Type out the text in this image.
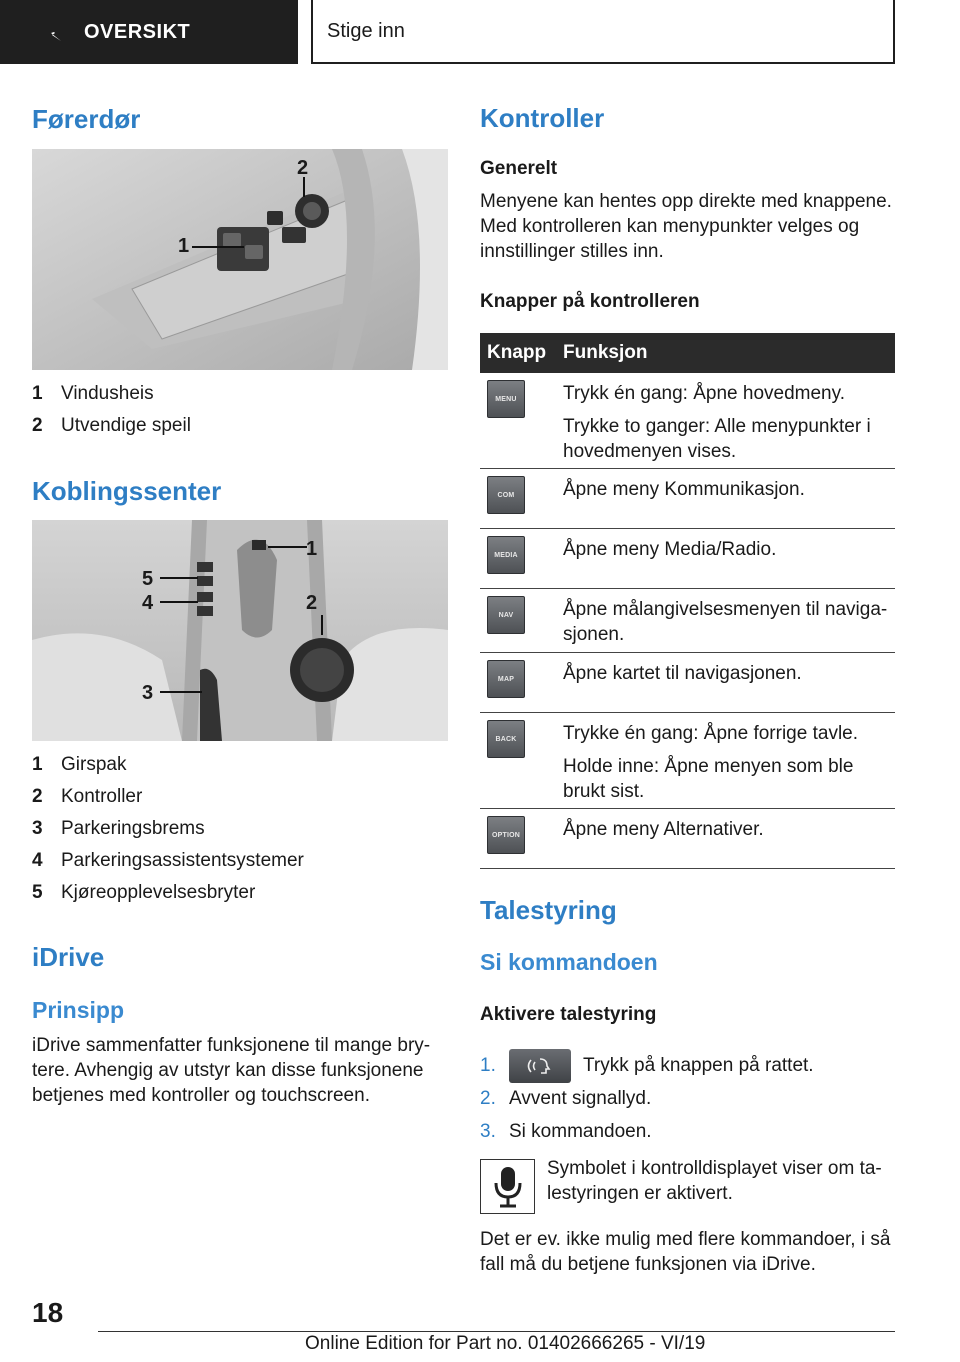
OVERSIKT	Stige inn
Førerdør
1
2
1 Vindusheis
2 Utvendige speil
Koblingssenter
1
2
3
4
5
1 Girspak
2 Kontroller
3 Parkeringsbrems
4 Parkeringsassistentsystemer
5 Kjøreopplevelsesbryter
iDrive
Prinsipp
iDrive sammenfatter funksjonene til mange bry-tere. Avhengig av utstyr kan disse funksjonene betjenes med kontroller og touchscreen.
Kontroller
Generelt
Menyene kan hentes opp direkte med knappene. Med kontrolleren kan menypunkter velges og innstillinger stilles inn.
Knapper på kontrolleren
Knapp Funksjon
MENU	Trykk én gang: Åpne hovedmeny.
Trykke to ganger: Alle menypunkter i hovedmenyen vises.
COM	Åpne meny Kommunikasjon.
MEDIA	Åpne meny Media/Radio.
NAV	Åpne målangivelsesmenyen til naviga-sjonen.
MAP	Åpne kartet til navigasjonen.
BACK	Trykke én gang: Åpne forrige tavle.
Holde inne: Åpne menyen som ble brukt sist.
OPTION Åpne meny Alternativer.
Talestyring
Si kommandoen
Aktivere talestyring
1.	Trykk på knappen på rattet.
2. Avvent signallyd.
3. Si kommandoen.
Symbolet i kontrolldisplayet viser om ta-lestyringen er aktivert.
Det er ev. ikke mulig med flere kommandoer, i så fall må du betjene funksjonen via iDrive.
18
Online Edition for Part no. 01402666265 - VI/19
